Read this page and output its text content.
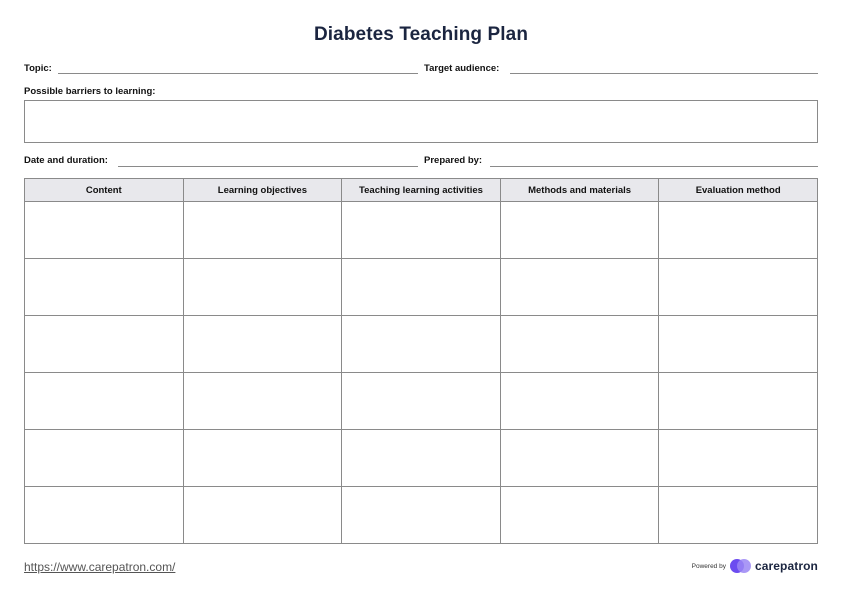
Diabetes Teaching Plan
Topic:	Target audience:
Possible barriers to learning:
Date and duration:	Prepared by:
Content	Learning objectives	Teaching learning activities	Methods and materials	Evaluation method

https://www.carepatron.com/	Powered by carepatron
